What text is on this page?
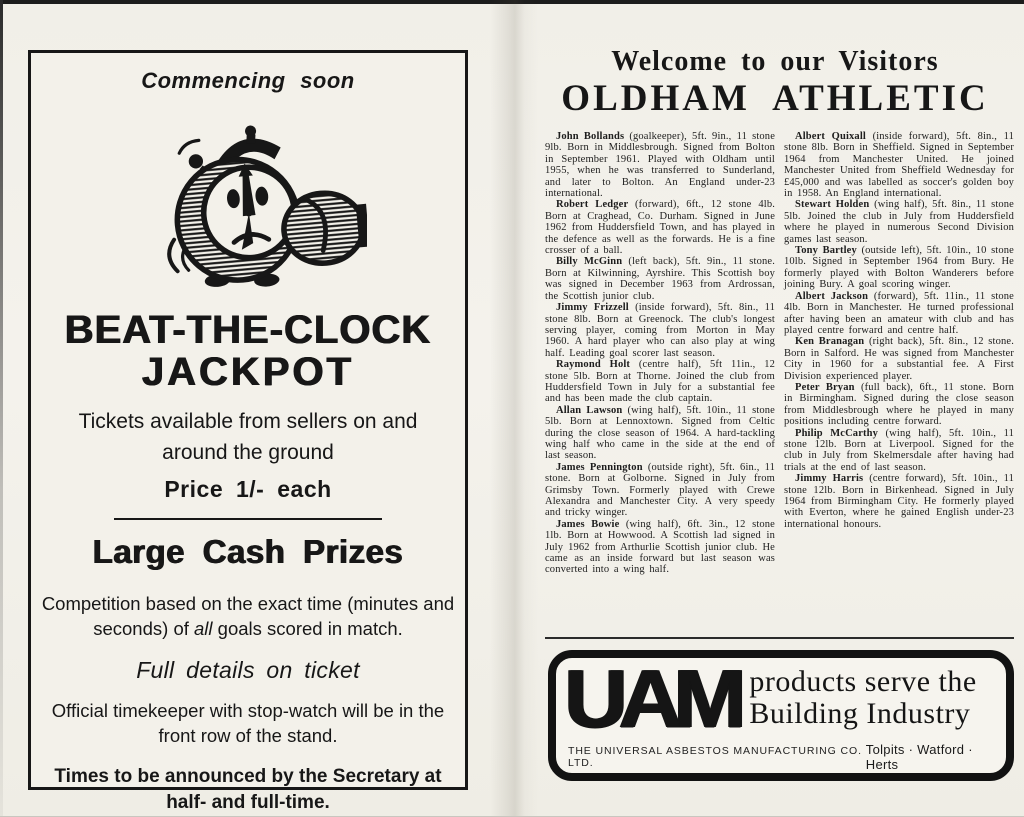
Commencing soon
BEAT-THE-CLOCK
JACKPOT
Tickets available from sellers on and around the ground
Price 1/- each
Large Cash Prizes
Competition based on the exact time (minutes and seconds) of all goals scored in match.
Full details on ticket
Official timekeeper with stop-watch will be in the front row of the stand.
Times to be announced by the Secretary at half- and full-time.
Welcome to our Visitors
OLDHAM ATHLETIC

John Bollands (goalkeeper), 5ft. 9in., 11 stone 9lb. Born in Middlesbrough. Signed from Bolton in September 1961. Played with Oldham until 1955, when he was transferred to Sunderland, and later to Bolton. An England under-23 international.

Robert Ledger (forward), 6ft., 12 stone 4lb. Born at Craghead, Co. Durham. Signed in June 1962 from Huddersfield Town, and has played in the defence as well as the forwards. He is a fine crosser of a ball.

Billy McGinn (left back), 5ft. 9in., 11 stone. Born at Kilwinning, Ayrshire. This Scottish boy was signed in December 1963 from Ardrossan, the Scottish junior club.

Jimmy Frizzell (inside forward), 5ft. 8in., 11 stone 8lb. Born at Greenock. The club's longest serving player, coming from Morton in May 1960. A hard player who can also play at wing half. Leading goal scorer last season.

Raymond Holt (centre half), 5ft 11in., 12 stone 5lb. Born at Thorne. Joined the club from Huddersfield Town in July for a substantial fee and has been made the club captain.

Allan Lawson (wing half), 5ft. 10in., 11 stone 5lb. Born at Lennoxtown. Signed from Celtic during the close season of 1964. A hard-tackling wing half who came in the side at the end of last season.

James Pennington (outside right), 5ft. 6in., 11 stone. Born at Golborne. Signed in July from Grimsby Town. Formerly played with Crewe Alexandra and Manchester City. A very speedy and tricky winger.

James Bowie (wing half), 6ft. 3in., 12 stone 1lb. Born at Howwood. A Scottish lad signed in July 1962 from Arthurlie Scottish junior club. He came as an inside forward but last season was converted into a wing half.

Albert Quixall (inside forward), 5ft. 8in., 11 stone 8lb. Born in Sheffield. Signed in September 1964 from Manchester United. He joined Manchester United from Sheffield Wednesday for £45,000 and was labelled as soccer's golden boy in 1958. An England international.

Stewart Holden (wing half), 5ft. 8in., 11 stone 5lb. Joined the club in July from Huddersfield where he played in numerous Second Division games last season.

Tony Bartley (outside left), 5ft. 10in., 10 stone 10lb. Signed in September 1964 from Bury. He formerly played with Bolton Wanderers before joining Bury. A goal scoring winger.

Albert Jackson (forward), 5ft. 11in., 11 stone 4lb. Born in Manchester. He turned professional after having been an amateur with club and has played centre forward and centre half.

Ken Branagan (right back), 5ft. 8in., 12 stone. Born in Salford. He was signed from Manchester City in 1960 for a substantial fee. A First Division experienced player.

Peter Bryan (full back), 6ft., 11 stone. Born in Birmingham. Signed during the close season from Middlesbrough where he played in many positions including centre forward.

Philip McCarthy (wing half), 5ft. 10in., 11 stone 12lb. Born at Liverpool. Signed for the club in July from Skelmersdale after having had trials at the end of last season.

Jimmy Harris (centre forward), 5ft. 10in., 11 stone 12lb. Born in Birkenhead. Signed in July 1964 from Birmingham City. He formerly played with Everton, where he gained English under-23 international honours.

UAM products serve the
Building Industry
THE UNIVERSAL ASBESTOS MANUFACTURING CO. LTD.
Tolpits · Watford · Herts
